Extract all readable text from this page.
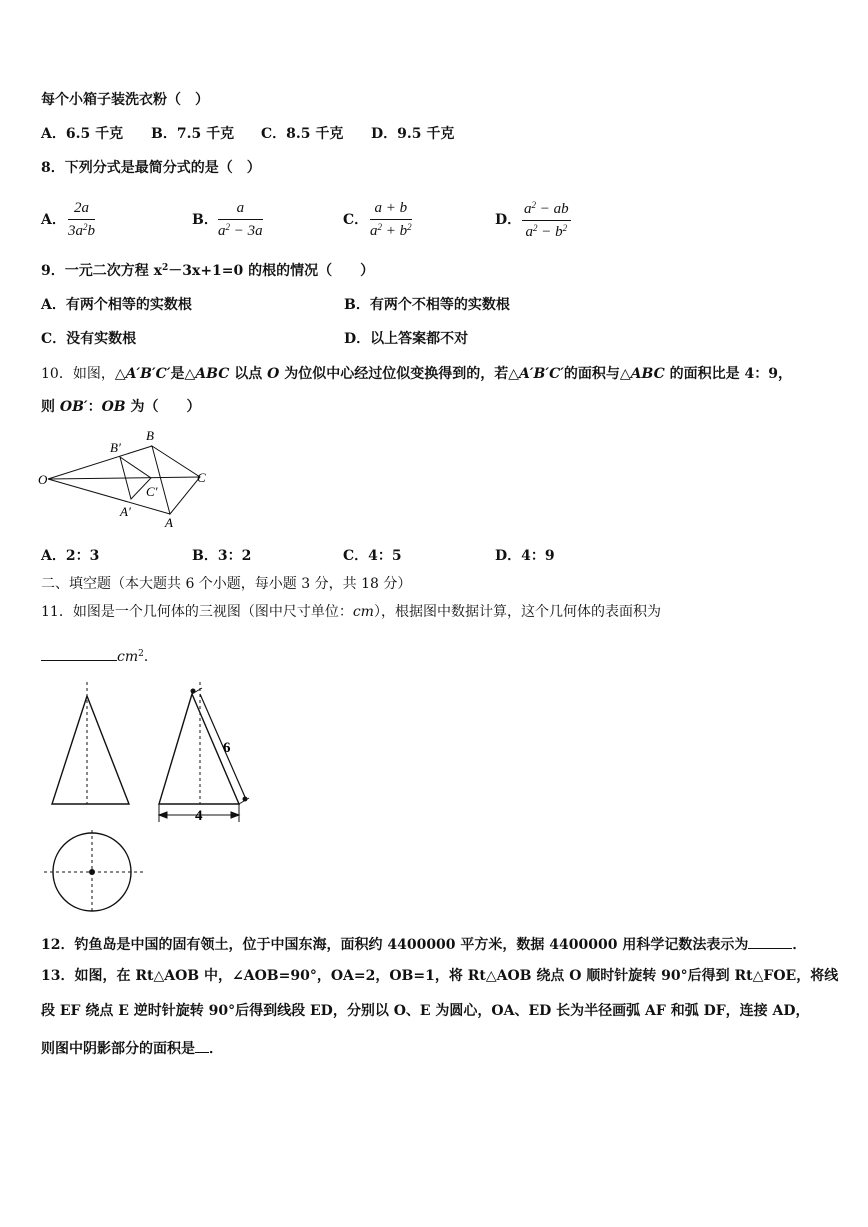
每个小箱子装洗衣粉（　）
A．6.5 千克 B．7.5 千克 C．8.5 千克 D．9.5 千克
8．下列分式是最简分式的是（　）
A． $\frac{2a}{3a^2b}$	B． $\frac{a}{a^2 - 3a}$	C． $\frac{a + b}{a^2 + b^2}$	D． $\frac{a^2 - ab}{a^2 - b^2}$
9．一元二次方程 $x^2-3x+1=0$ 的根的情况（　　）
A．有两个相等的实数根	B．有两个不相等的实数根
C．没有实数根	D．以上答案都不对
10．如图，△A′B′C′是△ABC 以点 O 为位似中心经过位似变换得到的，若△A′B′C′的面积与△ABC 的面积比是 4：9，
则 OB′：OB 为（　　）
O
B
B′
C
C′
A′
A
A．2：3	B．3：2	C．4：5	D．4：9
二、填空题（本大题共 6 个小题，每小题 3 分，共 18 分）
11．如图是一个几何体的三视图（图中尺寸单位：cm），根据图中数据计算，这个几何体的表面积为
$cm^2$．
6
4
12．钓鱼岛是中国的固有领土，位于中国东海，面积约 4400000 平方米，数据 4400000 用科学记数法表示为	．
13．如图，在 Rt△AOB 中，∠AOB=90°，OA=2，OB=1，将 Rt△AOB 绕点 O 顺时针旋转 90°后得到 Rt△FOE，将线
段 EF 绕点 E 逆时针旋转 90°后得到线段 ED，分别以 O、E 为圆心，OA、ED 长为半径画弧 AF 和弧 DF，连接 AD，
则图中阴影部分的面积是 ．
